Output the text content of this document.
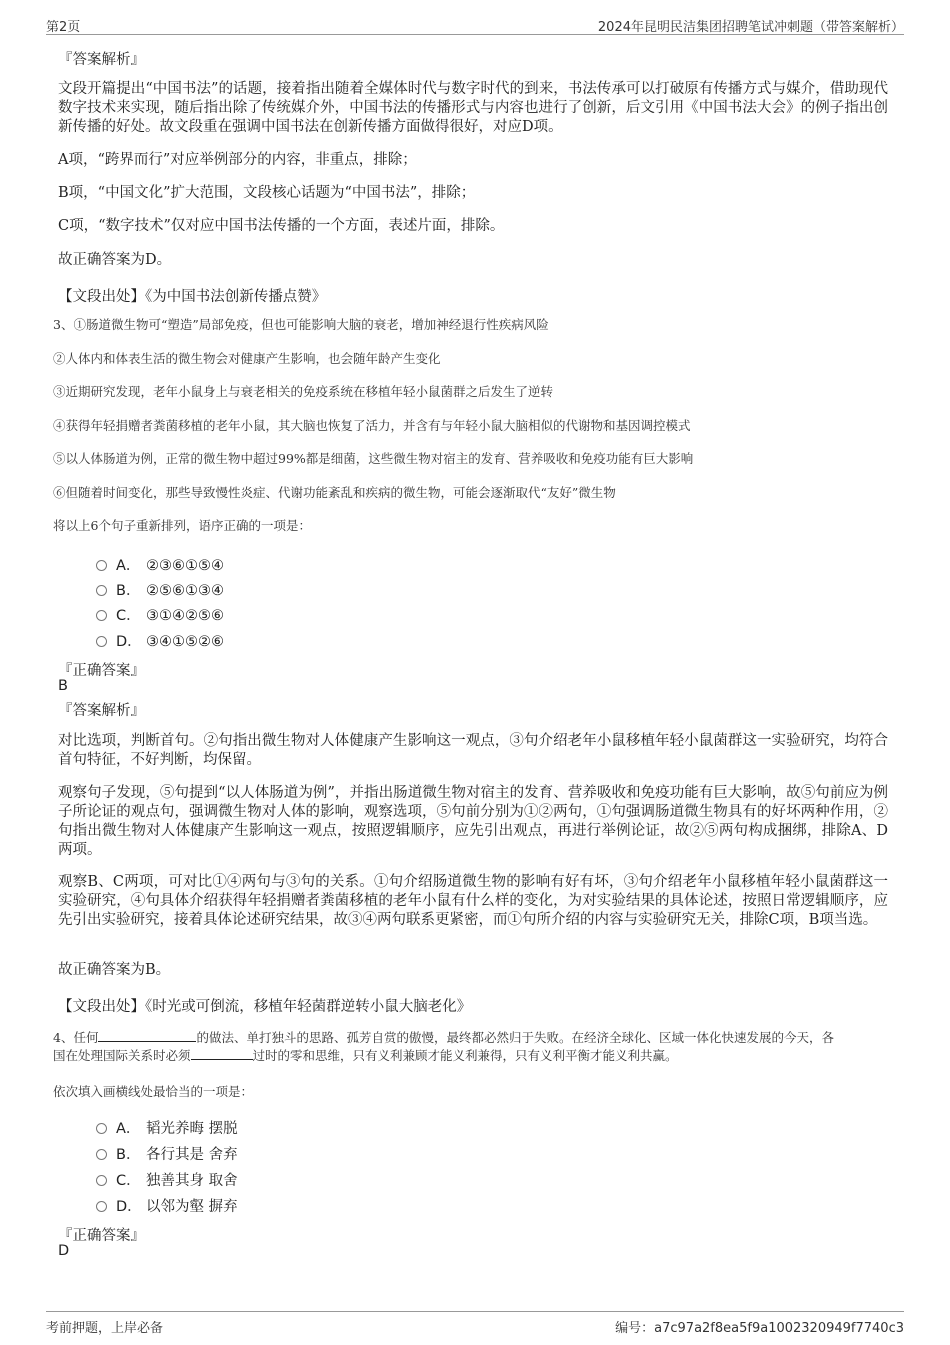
第2页	2024年昆明民洁集团招聘笔试冲刺题（带答案解析）
『答案解析』
文段开篇提出“中国书法”的话题，接着指出随着全媒体时代与数字时代的到来，书法传承可以打破原有传播方式与媒介，借助现代数字技术来实现，随后指出除了传统媒介外，中国书法的传播形式与内容也进行了创新，后文引用《中国书法大会》的例子指出创新传播的好处。故文段重在强调中国书法在创新传播方面做得很好，对应D项。
A项，“跨界而行”对应举例部分的内容，非重点，排除；
B项，“中国文化”扩大范围，文段核心话题为“中国书法”，排除；
C项，“数字技术”仅对应中国书法传播的一个方面，表述片面，排除。
故正确答案为D。
【文段出处】《为中国书法创新传播点赞》
3、①肠道微生物可“塑造”局部免疫，但也可能影响大脑的衰老，增加神经退行性疾病风险
②人体内和体表生活的微生物会对健康产生影响，也会随年龄产生变化
③近期研究发现，老年小鼠身上与衰老相关的免疫系统在移植年轻小鼠菌群之后发生了逆转
④获得年轻捐赠者粪菌移植的老年小鼠，其大脑也恢复了活力，并含有与年轻小鼠大脑相似的代谢物和基因调控模式
⑤以人体肠道为例，正常的微生物中超过99%都是细菌，这些微生物对宿主的发育、营养吸收和免疫功能有巨大影响
⑥但随着时间变化，那些导致慢性炎症、代谢功能紊乱和疾病的微生物，可能会逐渐取代“友好”微生物
将以上6个句子重新排列，语序正确的一项是：
A． ②③⑥①⑤④
B． ②⑤⑥①③④
C． ③①④②⑤⑥
D． ③④①⑤②⑥
『正确答案』
B
『答案解析』
对比选项，判断首句。②句指出微生物对人体健康产生影响这一观点，③句介绍老年小鼠移植年轻小鼠菌群这一实验研究，均符合首句特征，不好判断，均保留。
观察句子发现，⑤句提到“以人体肠道为例”，并指出肠道微生物对宿主的发育、营养吸收和免疫功能有巨大影响，故⑤句前应为例子所论证的观点句，强调微生物对人体的影响，观察选项，⑤句前分别为①②两句，①句强调肠道微生物具有的好坏两种作用，②句指出微生物对人体健康产生影响这一观点，按照逻辑顺序，应先引出观点，再进行举例论证，故②⑤两句构成捆绑，排除A、D两项。
观察B、C两项，可对比①④两句与③句的关系。①句介绍肠道微生物的影响有好有坏，③句介绍老年小鼠移植年轻小鼠菌群这一实验研究，④句具体介绍获得年轻捐赠者粪菌移植的老年小鼠有什么样的变化，为对实验结果的具体论述，按照日常逻辑顺序，应先引出实验研究，接着具体论述研究结果，故③④两句联系更紧密，而①句所介绍的内容与实验研究无关，排除C项，B项当选。
故正确答案为B。
【文段出处】《时光或可倒流，移植年轻菌群逆转小鼠大脑老化》
4、任何	的做法、单打独斗的思路、孤芳自赏的傲慢，最终都必然归于失败。在经济全球化、区域一体化快速发展的今天，各
国在处理国际关系时必须	过时的零和思维，只有义利兼顾才能义利兼得，只有义利平衡才能义利共赢。
依次填入画横线处最恰当的一项是：
A． 韬光养晦 摆脱
B． 各行其是 舍弃
C． 独善其身 取舍
D． 以邻为壑 摒弃
『正确答案』
D
考前押题，上岸必备	编号：a7c97a2f8ea5f9a1002320949f7740c3
